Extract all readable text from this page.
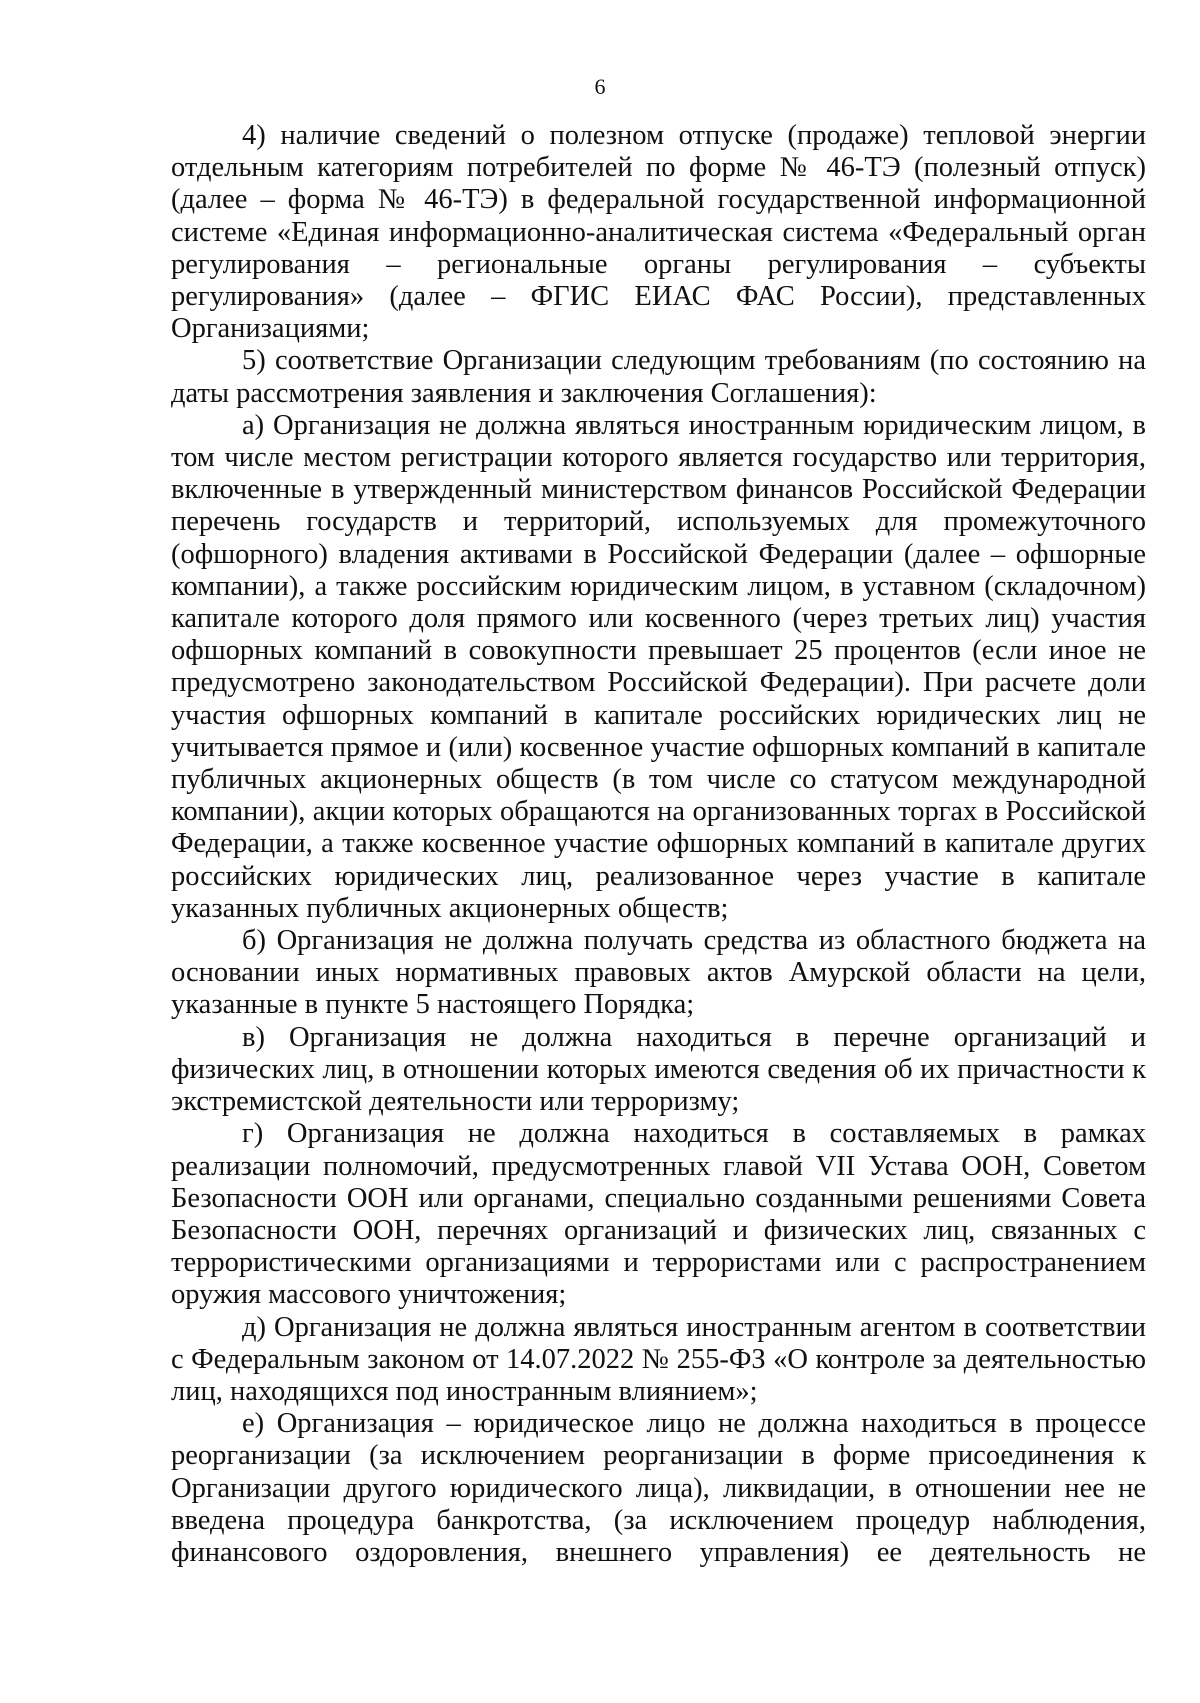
6

4) наличие сведений о полезном отпуске (продаже) тепловой энергии отдельным категориям потребителей по форме № 46-ТЭ (полезный отпуск) (далее – форма № 46-ТЭ) в федеральной государственной информационной системе «Единая информационно-аналитическая система «Федеральный орган регулирования – региональные органы регулирования – субъекты регулирования» (далее – ФГИС ЕИАС ФАС России), представленных Организациями;

5) соответствие Организации следующим требованиям (по состоянию на даты рассмотрения заявления и заключения Соглашения):

а) Организация не должна являться иностранным юридическим лицом, в том числе местом регистрации которого является государство или территория, включенные в утвержденный министерством финансов Российской Федерации перечень государств и территорий, используемых для промежуточного (офшорного) владения активами в Российской Федерации (далее – офшорные компании), а также российским юридическим лицом, в уставном (складочном) капитале которого доля прямого или косвенного (через третьих лиц) участия офшорных компаний в совокупности превышает 25 процентов (если иное не предусмотрено законодательством Российской Федерации). При расчете доли участия офшорных компаний в капитале российских юридических лиц не учитывается прямое и (или) косвенное участие офшорных компаний в капитале публичных акционерных обществ (в том числе со статусом международной компании), акции которых обращаются на организованных торгах в Российской Федерации, а также косвенное участие офшорных компаний в капитале других российских юридических лиц, реализованное через участие в капитале указанных публичных акционерных обществ;

б) Организация не должна получать средства из областного бюджета на основании иных нормативных правовых актов Амурской области на цели, указанные в пункте 5 настоящего Порядка;

в) Организация не должна находиться в перечне организаций и физических лиц, в отношении которых имеются сведения об их причастности к экстремистской деятельности или терроризму;

г) Организация не должна находиться в составляемых в рамках реализации полномочий, предусмотренных главой VII Устава ООН, Советом Безопасности ООН или органами, специально созданными решениями Совета Безопасности ООН, перечнях организаций и физических лиц, связанных с террористическими организациями и террористами или с распространением оружия массового уничтожения;

д) Организация не должна являться иностранным агентом в соответствии с Федеральным законом от 14.07.2022 № 255-ФЗ «О контроле за деятельностью лиц, находящихся под иностранным влиянием»;

е) Организация – юридическое лицо не должна находиться в процессе реорганизации (за исключением реорганизации в форме присоединения к Организации другого юридического лица), ликвидации, в отношении нее не введена процедура банкротства, (за исключением процедур наблюдения, финансового оздоровления, внешнего управления) ее деятельность не
